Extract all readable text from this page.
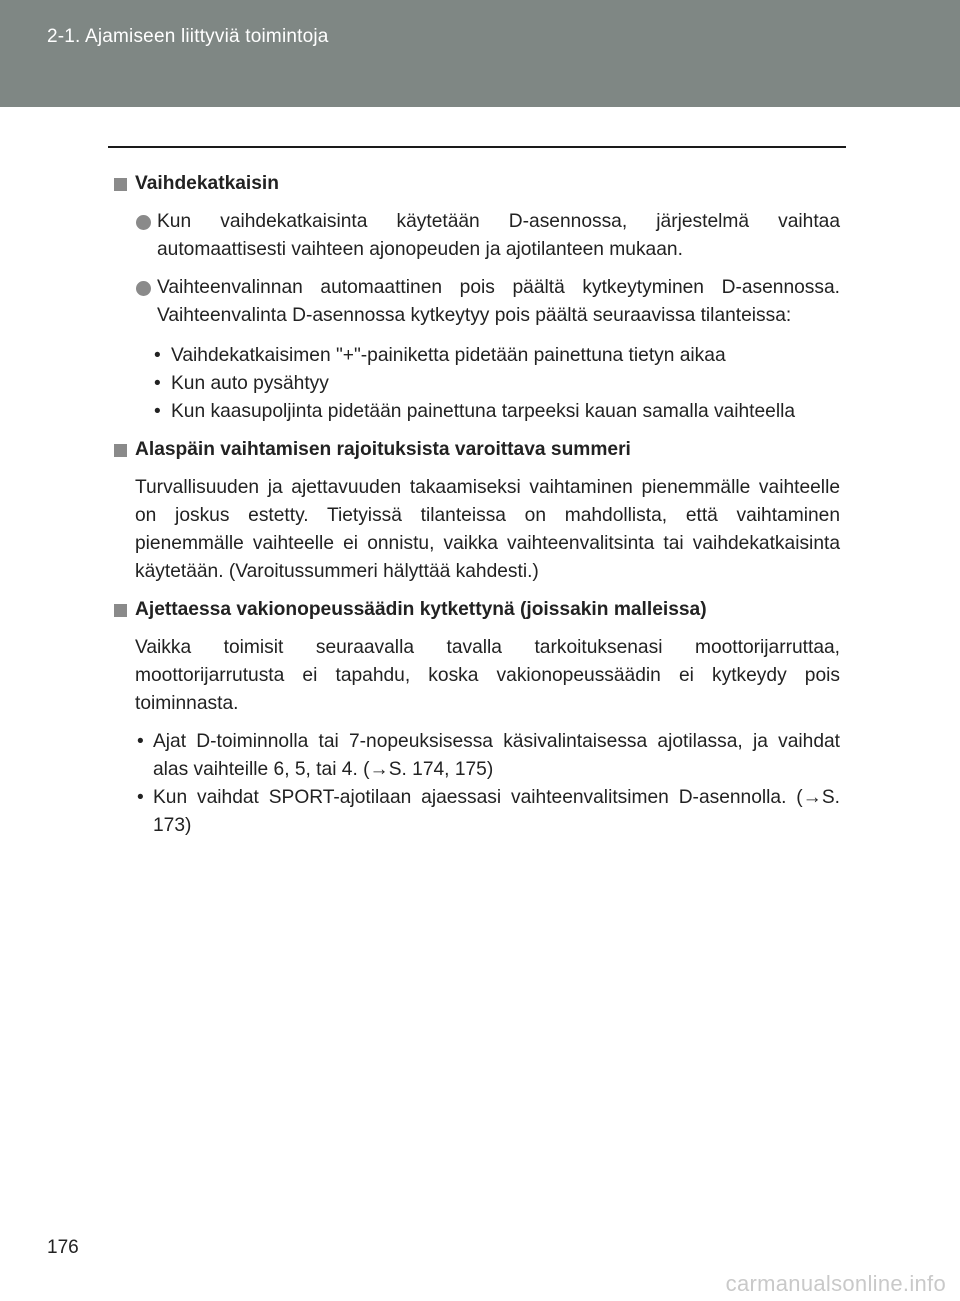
2-1. Ajamiseen liittyviä toimintoja
Vaihdekatkaisin
Kun vaihdekatkaisinta käytetään D-asennossa, järjestelmä vaihtaa automaattisesti vaihteen ajonopeuden ja ajotilanteen mukaan.
Vaihteenvalinnan automaattinen pois päältä kytkeytyminen D-asennossa. Vaihteenvalinta D-asennossa kytkeytyy pois päältä seuraavissa tilanteissa:
• Vaihdekatkaisimen "+"-painiketta pidetään painettuna tietyn aikaa
• Kun auto pysähtyy
• Kun kaasupoljinta pidetään painettuna tarpeeksi kauan samalla vaihteella
Alaspäin vaihtamisen rajoituksista varoittava summeri
Turvallisuuden ja ajettavuuden takaamiseksi vaihtaminen pienemmälle vaihteelle on joskus estetty. Tietyissä tilanteissa on mahdollista, että vaihtaminen pienemmälle vaihteelle ei onnistu, vaikka vaihteenvalitsinta tai vaihdekatkaisinta käytetään. (Varoitussummeri hälyttää kahdesti.)
Ajettaessa vakionopeussäädin kytkettynä (joissakin malleissa)
Vaikka toimisit seuraavalla tavalla tarkoituksenasi moottorijarruttaa, moottorijarrutusta ei tapahdu, koska vakionopeussäädin ei kytkeydy pois toiminnasta.
• Ajat D-toiminnolla tai 7-nopeuksisessa käsivalintaisessa ajotilassa, ja vaihdat alas vaihteille 6, 5, tai 4. (→S. 174, 175)
• Kun vaihdat SPORT-ajotilaan ajaessasi vaihteenvalitsimen D-asennolla. (→S. 173)
176
carmanualsonline.info
